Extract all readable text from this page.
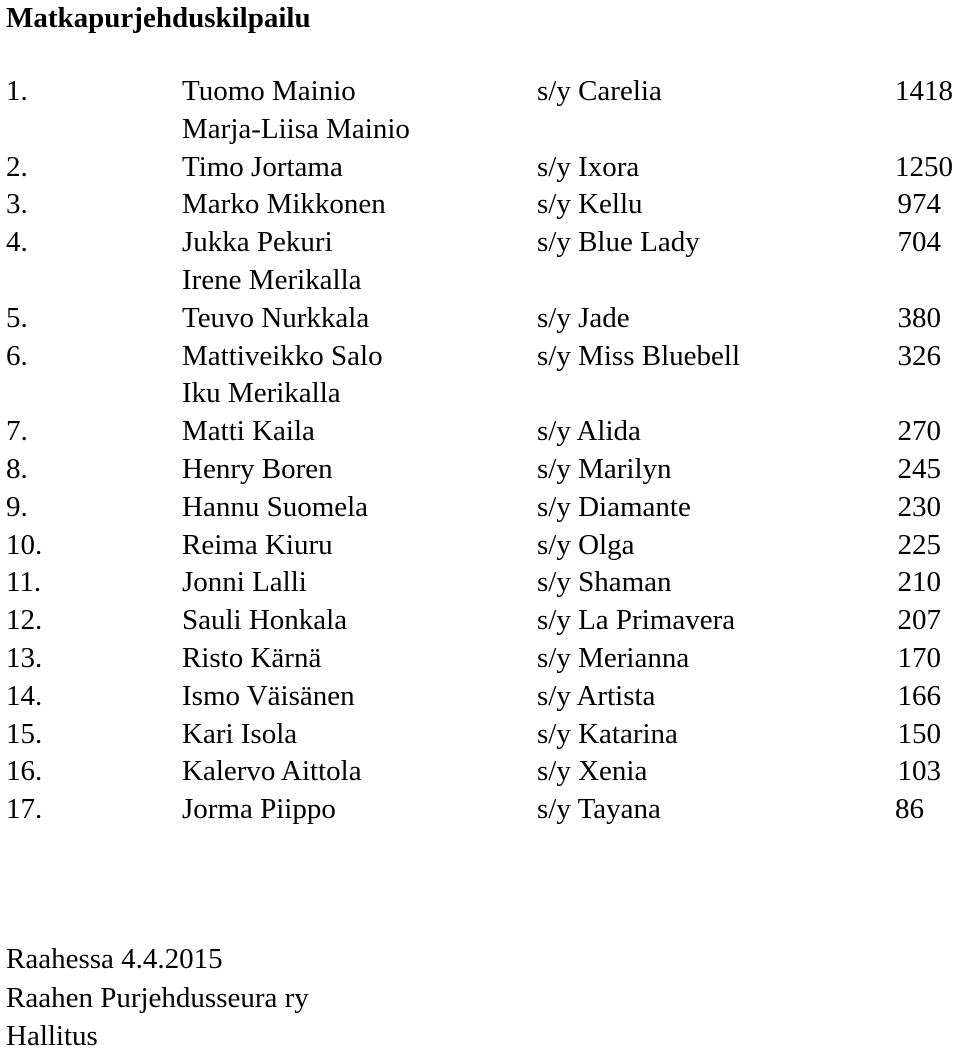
Matkapurjehduskilpailu
1.	Tuomo Mainio	s/y Carelia	1418
Marja-Liisa Mainio
2.	Timo Jortama	s/y Ixora	1250
3.	Marko Mikkonen	s/y Kellu	974
4.	Jukka Pekuri	s/y Blue Lady	704
Irene Merikalla
5.	Teuvo Nurkkala	s/y Jade	380
6.	Mattiveikko Salo	s/y Miss Bluebell	326
Iku Merikalla
7.	Matti Kaila	s/y Alida	270
8.	Henry Boren	s/y Marilyn	245
9.	Hannu Suomela	s/y Diamante	230
10.	Reima Kiuru	s/y Olga	225
11.	Jonni Lalli	s/y Shaman	210
12.	Sauli Honkala	s/y La Primavera	207
13.	Risto Kärnä	s/y Merianna	170
14.	Ismo Väisänen	s/y Artista	166
15.	Kari Isola	s/y Katarina	150
16.	Kalervo Aittola	s/y Xenia	103
17.	Jorma Piippo	s/y Tayana	86
Raahessa 4.4.2015
Raahen Purjehdusseura ry
Hallitus
